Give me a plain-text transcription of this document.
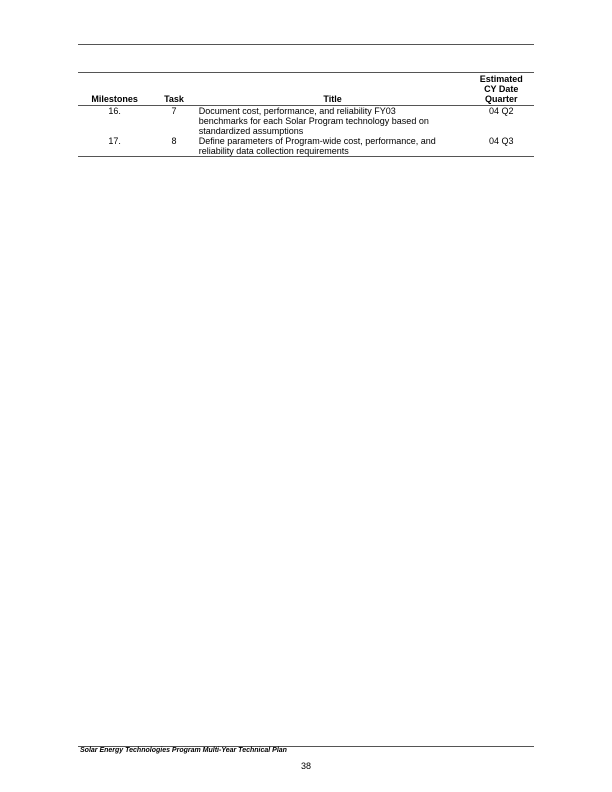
Milestones	Task	Title	Estimated
CY Date
Quarter
16.	7	Document cost, performance, and reliability FY03
benchmarks for each Solar Program technology based on
standardized assumptions	04 Q2
17.	8	Define parameters of Program-wide cost, performance, and
reliability data collection requirements	04 Q3
Solar Energy Technologies Program Multi-Year Technical Plan
38
